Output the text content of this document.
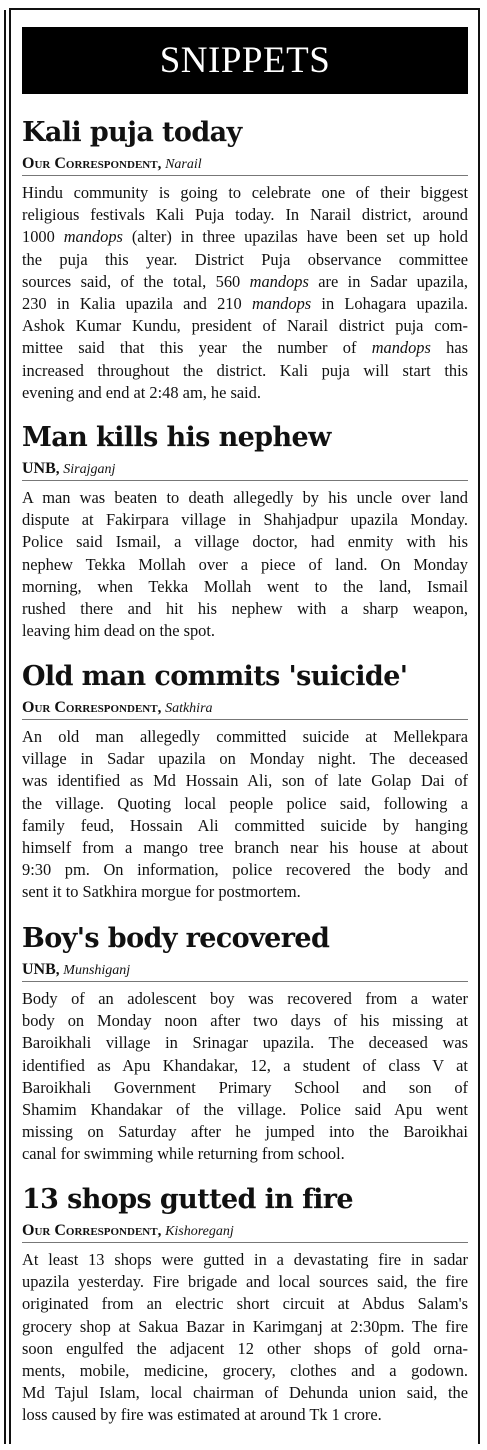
SNIPPETS
Kali puja today
Our Correspondent, Narail
Hindu community is going to celebrate one of their biggest
religious festivals Kali Puja today. In Narail district, around
1000 mandops (alter) in three upazilas have been set up hold
the puja this year. District Puja observance committee
sources said, of the total, 560 mandops are in Sadar upazila,
230 in Kalia upazila and 210 mandops in Lohagara upazila.
Ashok Kumar Kundu, president of Narail district puja com-
mittee said that this year the number of mandops has
increased throughout the district. Kali puja will start this
evening and end at 2:48 am, he said.
Man kills his nephew
UNB, Sirajganj
A man was beaten to death allegedly by his uncle over land
dispute at Fakirpara village in Shahjadpur upazila Monday.
Police said Ismail, a village doctor, had enmity with his
nephew Tekka Mollah over a piece of land. On Monday
morning, when Tekka Mollah went to the land, Ismail
rushed there and hit his nephew with a sharp weapon,
leaving him dead on the spot.
Old man commits 'suicide'
Our Correspondent, Satkhira
An old man allegedly committed suicide at Mellekpara
village in Sadar upazila on Monday night. The deceased
was identified as Md Hossain Ali, son of late Golap Dai of
the village. Quoting local people police said, following a
family feud, Hossain Ali committed suicide by hanging
himself from a mango tree branch near his house at about
9:30 pm. On information, police recovered the body and
sent it to Satkhira morgue for postmortem.
Boy's body recovered
UNB, Munshiganj
Body of an adolescent boy was recovered from a water
body on Monday noon after two days of his missing at
Baroikhali village in Srinagar upazila. The deceased was
identified as Apu Khandakar, 12, a student of class V at
Baroikhali Government Primary School and son of
Shamim Khandakar of the village. Police said Apu went
missing on Saturday after he jumped into the Baroikhai
canal for swimming while returning from school.
13 shops gutted in fire
Our Correspondent, Kishoreganj
At least 13 shops were gutted in a devastating fire in sadar
upazila yesterday. Fire brigade and local sources said, the fire
originated from an electric short circuit at Abdus Salam's
grocery shop at Sakua Bazar in Karimganj at 2:30pm. The fire
soon engulfed the adjacent 12 other shops of gold orna-
ments, mobile, medicine, grocery, clothes and a godown.
Md Tajul Islam, local chairman of Dehunda union said, the
loss caused by fire was estimated at around Tk 1 crore.
